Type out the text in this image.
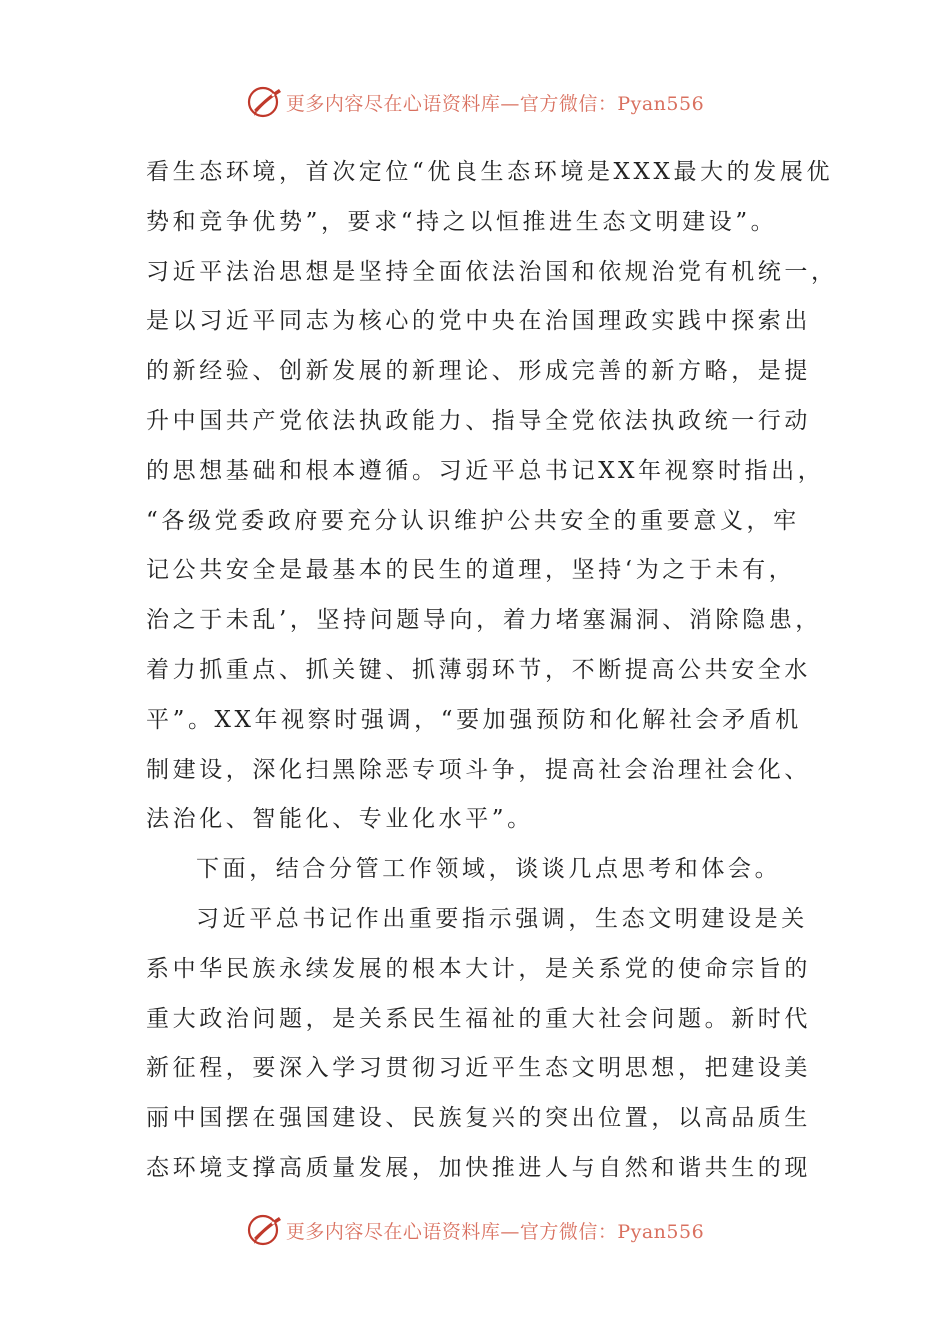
更多内容尽在心语资料库—官方微信：Pyan556
看生态环境，首次定位“优良生态环境是XXX最大的发展优
势和竞争优势”，要求“持之以恒推进生态文明建设”。
习近平法治思想是坚持全面依法治国和依规治党有机统一，
是以习近平同志为核心的党中央在治国理政实践中探索出
的新经验、创新发展的新理论、形成完善的新方略，是提
升中国共产党依法执政能力、指导全党依法执政统一行动
的思想基础和根本遵循。习近平总书记XX年视察时指出，
“各级党委政府要充分认识维护公共安全的重要意义，牢
记公共安全是最基本的民生的道理，坚持‘为之于未有，
治之于未乱’，坚持问题导向，着力堵塞漏洞、消除隐患，
着力抓重点、抓关键、抓薄弱环节，不断提高公共安全水
平”。XX年视察时强调，“要加强预防和化解社会矛盾机
制建设，深化扫黑除恶专项斗争，提高社会治理社会化、
法治化、智能化、专业化水平”。
下面，结合分管工作领域，谈谈几点思考和体会。
习近平总书记作出重要指示强调，生态文明建设是关
系中华民族永续发展的根本大计，是关系党的使命宗旨的
重大政治问题，是关系民生福祉的重大社会问题。新时代
新征程，要深入学习贯彻习近平生态文明思想，把建设美
丽中国摆在强国建设、民族复兴的突出位置，以高品质生
态环境支撑高质量发展，加快推进人与自然和谐共生的现
更多内容尽在心语资料库—官方微信：Pyan556
